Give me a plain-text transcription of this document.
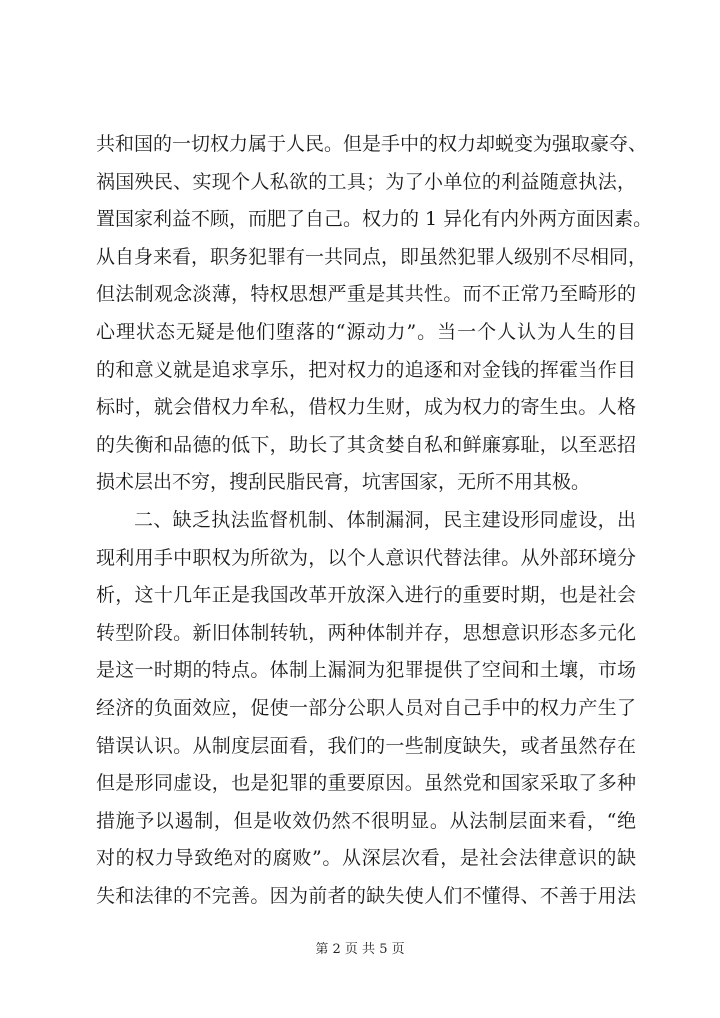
共和国的一切权力属于人民。但是手中的权力却蜕变为强取豪夺、
祸国殃民、实现个人私欲的工具；为了小单位的利益随意执法，
置国家利益不顾，而肥了自己。权力的 1 异化有内外两方面因素。
从自身来看，职务犯罪有一共同点，即虽然犯罪人级别不尽相同，
但法制观念淡薄，特权思想严重是其共性。而不正常乃至畸形的
心理状态无疑是他们堕落的“源动力”。当一个人认为人生的目
的和意义就是追求享乐，把对权力的追逐和对金钱的挥霍当作目
标时，就会借权力牟私，借权力生财，成为权力的寄生虫。人格
的失衡和品德的低下，助长了其贪婪自私和鲜廉寡耻，以至恶招
损术层出不穷，搜刮民脂民膏，坑害国家，无所不用其极。
二、缺乏执法监督机制、体制漏洞，民主建设形同虚设，出
现利用手中职权为所欲为，以个人意识代替法律。从外部环境分
析，这十几年正是我国改革开放深入进行的重要时期，也是社会
转型阶段。新旧体制转轨，两种体制并存，思想意识形态多元化
是这一时期的特点。体制上漏洞为犯罪提供了空间和土壤，市场
经济的负面效应，促使一部分公职人员对自己手中的权力产生了
错误认识。从制度层面看，我们的一些制度缺失，或者虽然存在
但是形同虚设，也是犯罪的重要原因。虽然党和国家采取了多种
措施予以遏制，但是收效仍然不很明显。从法制层面来看，“绝
对的权力导致绝对的腐败”。从深层次看，是社会法律意识的缺
失和法律的不完善。因为前者的缺失使人们不懂得、不善于用法
第 2 页 共 5 页
